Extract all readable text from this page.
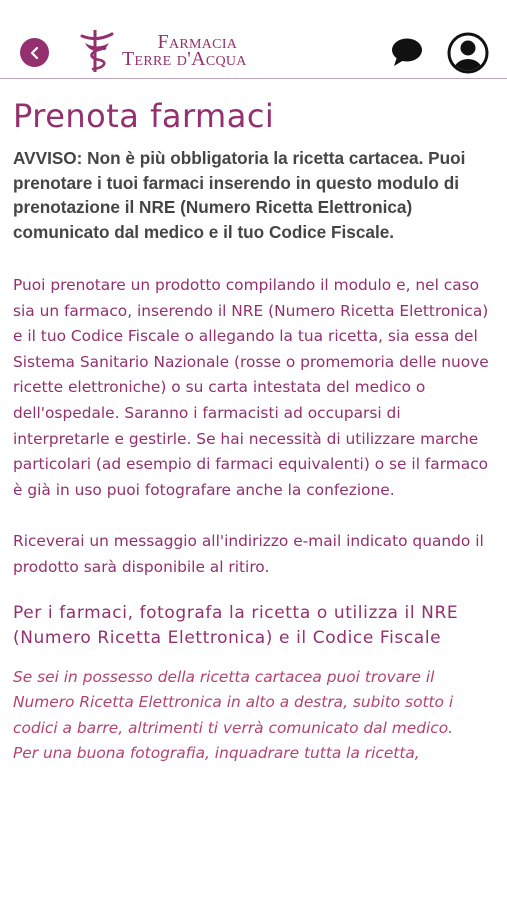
Farmacia
Terre d'Acqua
Prenota farmaci

AVVISO: Non è più obbligatoria la ricetta cartacea. Puoi prenotare i tuoi farmaci inserendo in questo modulo di prenotazione il NRE (Numero Ricetta Elettronica) comunicato dal medico e il tuo Codice Fiscale.

Puoi prenotare un prodotto compilando il modulo e, nel caso sia un farmaco, inserendo il NRE (Numero Ricetta Elettronica) e il tuo Codice Fiscale o allegando la tua ricetta, sia essa del Sistema Sanitario Nazionale (rosse o promemoria delle nuove ricette elettroniche) o su carta intestata del medico o dell'ospedale. Saranno i farmacisti ad occuparsi di interpretarle e gestirle. Se hai necessità di utilizzare marche particolari (ad esempio di farmaci equivalenti) o se il farmaco è già in uso puoi fotografare anche la confezione.

Riceverai un messaggio all'indirizzo e-mail indicato quando il prodotto sarà disponibile al ritiro.

Per i farmaci, fotografa la ricetta o utilizza il NRE (Numero Ricetta Elettronica) e il Codice Fiscale

Se sei in possesso della ricetta cartacea puoi trovare il Numero Ricetta Elettronica in alto a destra, subito sotto i codici a barre, altrimenti ti verrà comunicato dal medico.

Per una buona fotografia, inquadrare tutta la ricetta,
